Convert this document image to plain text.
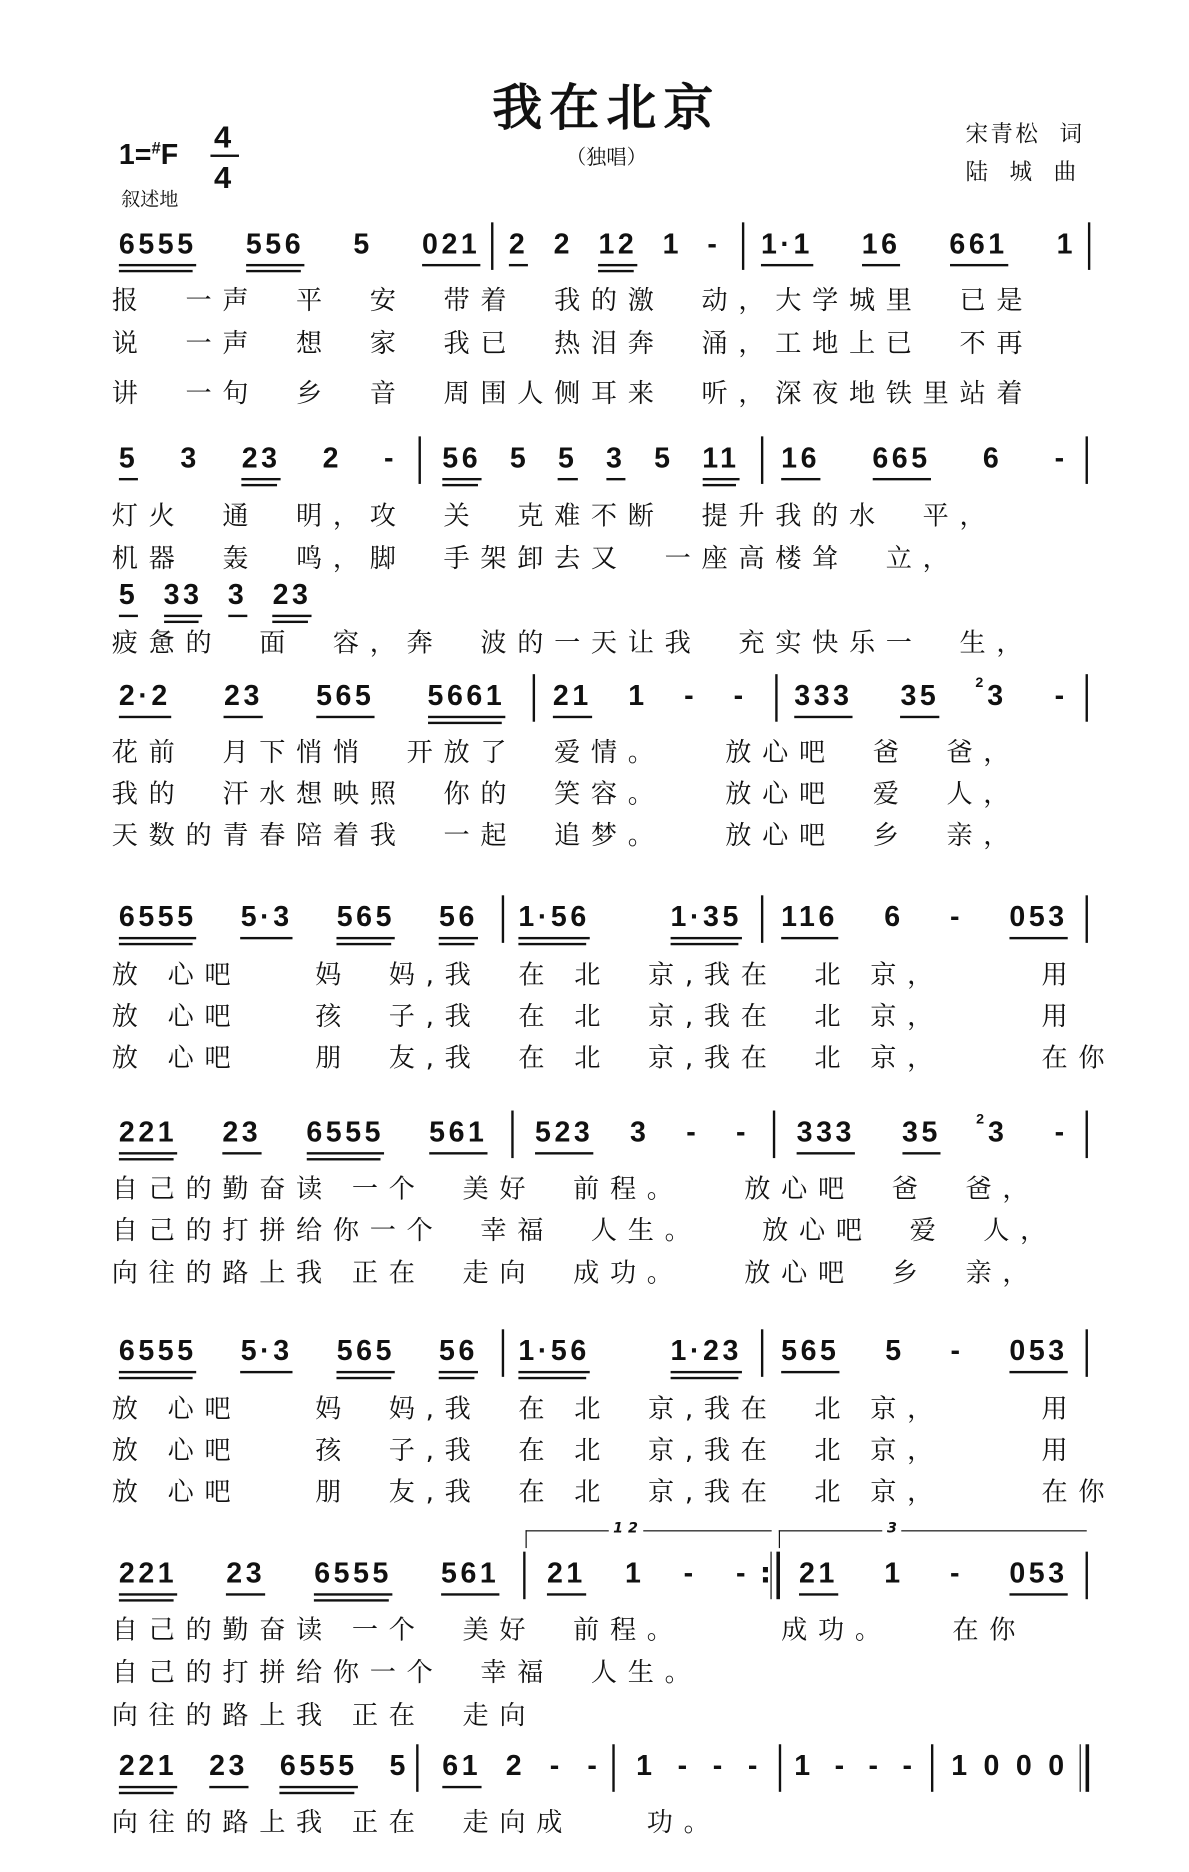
我在北京
（独唱）
宋青松  词
陆  城  曲
1=#F
4
4
叙述地
6555 556 5 021 2 2 12 1 - 1·1 16 661 1
报　一声　平　安　带着　我的激　动，大学城里　已是
说　一声　想　家　我已　热泪奔　涌，工地上已　不再
讲　一句　乡　音　周围人侧耳来　听，深夜地铁里站着
5 3 23 2 - 56 5 5 3 5 11 16 665 6 -
灯火　通　明，攻　关　克难不断　提升我的水　平，
机器　轰　鸣，脚　手架卸去又　一座高楼耸　立，
5 33 3 23
疲惫的　面　容，奔　波的一天让我　充实快乐一　生，
2·2 23 565 5661 21 1 - - 333 35 3
2	-
花前　月下悄悄　开放了　爱情。　　放心吧　爸　爸，
我的　汗水想映照　你的　笑容。　　放心吧　爱　人，
天数的青春陪着我　一起　追梦。　　放心吧　乡　亲，
6555 5·3 565 56 1·56	1·35 116 6 - 053
放 心吧　　妈　妈,我　在 北　京,我在　北 京，　　　用
放 心吧　　孩　子,我　在 北　京,我在　北 京，　　　用
放 心吧　　朋　友,我　在 北　京,我在　北 京，　　　在你
221 23 6555 561 523 3 - - 333 35 3
2	-
自己的勤奋读 一个　美好　前程。　　放心吧　爸　爸，
自己的打拼给你一个　幸福　人生。　　放心吧　爱　人，
向往的路上我 正在　走向　成功。　　放心吧　乡　亲，
6555 5·3 565 56 1·56	1·23 565 5 - 053
放 心吧　　妈　妈,我　在 北　京,我在　北 京，　　　用
放 心吧　　孩　子,我　在 北　京,我在　北 京，　　　用
放 心吧　　朋　友,我　在 北　京,我在　北 京，　　　在你
221 23 6555 561 21 1 - - 21 1 - 053
:
1 2	3
自己的勤奋读 一个　美好　前程。　　　成功。　　在你
自己的打拼给你一个　幸福　人生。
向往的路上我 正在　走向
221 23 6555 5 61 2 - - 1 - - - 1 - - - 1 0 0 0
向往的路上我 正在　走向成　　功。
